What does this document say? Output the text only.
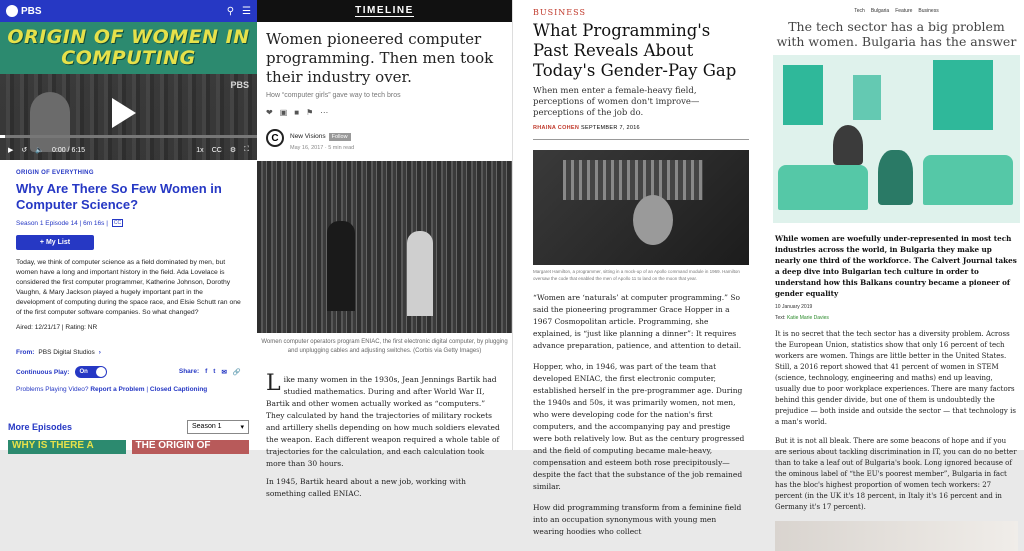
PBS	⚲ ☰
ORIGIN OF WOMEN IN COMPUTING
PBS
▶ ↺ 🔈 0:00 / 6:15	1x CC ⚙ ⛶
ORIGIN OF EVERYTHING
Why Are There So Few Women in Computer Science?
Season 1 Episode 14 | 6m 16s |	CC
+ My List
Today, we think of computer science as a field dominated by men, but women have a long and important history in the field. Ada Lovelace is considered the first computer programmer, Katherine Johnson, Dorothy Vaughn, & Mary Jackson played a hugely important part in the development of computing during the space race, and Elsie Schutt ran one of the first computer software companies. So what changed?
Aired: 12/21/17 | Rating: NR
From: PBS Digital Studios ›
Continuous Play:	On	Share: f t ✉ 🔗
Problems Playing Video? Report a Problem | Closed Captioning
More Episodes	Season 1	▾
WHY IS THERE A	THE ORIGIN OF
TIMELINE
Women pioneered computer programming. Then men took their industry over.
How “computer girls” gave way to tech bros
❤ ▣ ■ ⚑ ⋯
C	New Visions Follow
May 16, 2017 · 5 min read
Women computer operators program ENIAC, the first electronic digital computer, by plugging and unplugging cables and adjusting switches. (Corbis via Getty Images)

Like many women in the 1930s, Jean Jennings Bartik had studied mathematics. During and after World War II, Bartik and other women actually worked as “computers.” They calculated by hand the trajectories of military rockets and artillery shells depending on how much soldiers elevated the weapon. Each different weapon required a whole table of trajectories for the calculation, and each calculation took more than 30 hours.

In 1945, Bartik heard about a new job, working with something called ENIAC.

BUSINESS
What Programming's Past Reveals About Today's Gender-Pay Gap
When men enter a female-heavy field, perceptions of women don't improve—perceptions of the job do.
RHAINA COHEN SEPTEMBER 7, 2016
Margaret Hamilton, a programmer, sitting in a mock-up of an Apollo command module in 1969. Hamilton oversaw the code that enabled the men of Apollo 11 to land on the moon that year.

“Women are ‘naturals’ at computer programming.” So said the pioneering programmer Grace Hopper in a 1967 Cosmopolitan article. Programming, she explained, is “just like planning a dinner”: It requires advance preparation, patience, and attention to detail.

Hopper, who, in 1946, was part of the team that developed ENIAC, the first electronic computer, established herself in the pre-programmer age. During the 1940s and 50s, it was primarily women, not men, who were developing code for the nation's first computers, and the accompanying pay and prestige were both relatively low. But as the century progressed and the field of computing became male-heavy, compensation and esteem both rose precipitously—despite the fact that the substance of the job remained similar.

How did programming transform from a feminine field into an occupation synonymous with young men wearing hoodies who collect

Tech Bulgaria Feature Business
The tech sector has a big problem with women. Bulgaria has the answer
While women are woefully under-represented in most tech industries across the world, in Bulgaria they make up nearly one third of the workforce. The Calvert Journal takes a deep dive into Bulgarian tech culture in order to understand how this Balkans country became a pioneer of gender equality
10 January 2019
Text: Katie Marie Davies

It is no secret that the tech sector has a diversity problem. Across the European Union, statistics show that only 16 percent of tech workers are women. Things are little better in the United States. Still, a 2016 report showed that 41 percent of women in STEM (science, technology, engineering and maths) end up leaving, usually due to poor workplace experiences. There are many factors behind this gender divide, but one of them is undoubtedly the prejudice — both inside and outside the sector — that technology is a man's world.

But it is not all bleak. There are some beacons of hope and if you are serious about tackling discrimination in IT, you can do no better than to take a leaf out of Bulgaria's book. Long ignored because of the ominous label of “the EU's poorest member”, Bulgaria in fact has the bloc's highest proportion of women tech workers: 27 percent (in the UK it's 18 percent, in Italy it's 16 percent and in Germany it's 17 percent).
